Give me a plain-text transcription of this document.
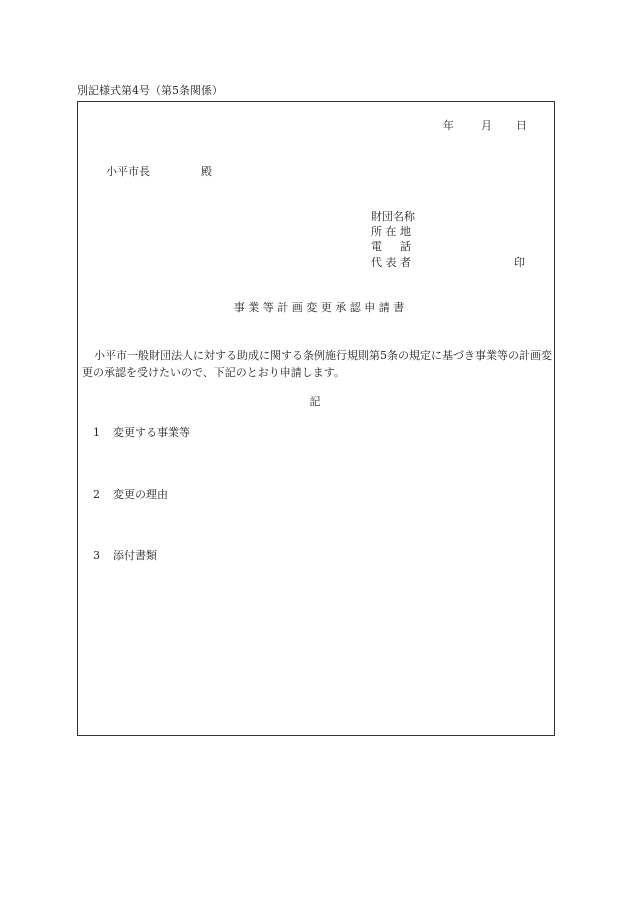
別記様式第4号（第5条関係）
年 月 日
小平市長	殿
財団名称
所 在 地
電 　 話
代 表 者	印
事 業 等 計 画 変 更 承 認 申 請 書
小平市一般財団法人に対する助成に関する条例施行規則第5条の規定に基づき事業等の計画変更の承認を受けたいので、下記のとおり申請します。
記
1 変更する事業等
2 変更の理由
3 添付書類
